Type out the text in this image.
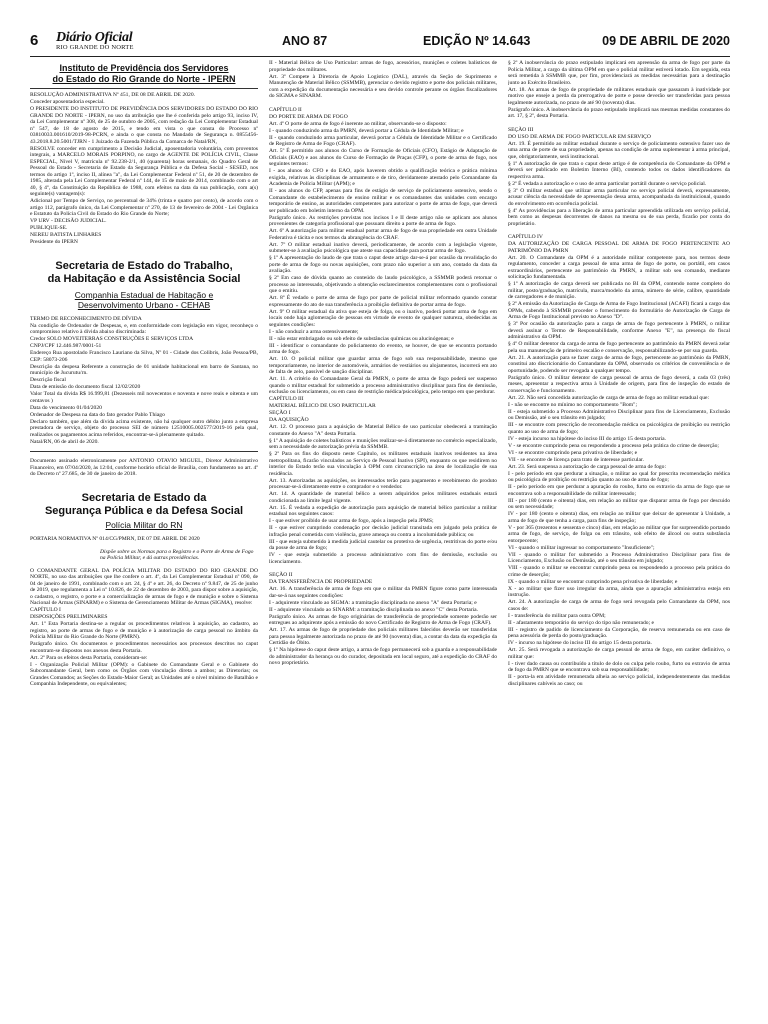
6 Diário Oficial
RIO GRANDE DO NORTE	ANO 87	EDIÇÃO Nº 14.643	09 DE ABRIL DE 2020
Instituto de Previdência dos Servidores
do Estado do Rio Grande do Norte - IPERN

RESOLUÇÃO ADMINISTRATIVA Nº 451, DE 08 DE ABRIL DE 2020.

Conceder aposentadoria especial.

O PRESIDENTE DO INSTITUTO DE PREVIDÊNCIA DOS SERVIDORES DO ESTADO DO RIO GRANDE DO NORTE - IPERN, no uso da atribuição que lhe é conferida pelo artigo 93, inciso IV, da Lei Complementar nº 308, de 25 de outubro de 2005, com redação da Lei Complementar Estadual nº 547, de 18 de agosto de 2015, e tendo em vista o que consta do Processo nº 03810033.001610/2019-98-PCRN, e ainda o que consta no Mandado de Segurança n. 0855456-43.2018.8.20.5001/TJRN - 1 Juizado da Fazenda Pública da Comarca de Natal/RN,

RESOLVE conceder em cumprimento a Decisão Judicial, aposentadoria voluntária, com proventos integrais, a MARCELO MORAIS PORPINO, no cargo de AGENTE DE POLÍCIA CIVIL, Classe ESPECIAL, Nível V, matrícula nº 92.238-2/1, 40 (quarenta) horas semanais, do Quadro Geral de Pessoal do Estado - Secretaria de Estado da Segurança Pública e da Defesa Social - SESED, nos termos do artigo 1º, inciso II, alínea "a", da Lei Complementar Federal nº 51, de 20 de dezembro de 1985, alterada pela Lei Complementar Federal nº 144, de 15 de maio de 2014, combinado com o art 40, § 4º, da Constituição da República de 1988, com efeitos na data da sua publicação, com a(s) seguinte(s) vantagem(s):

Adicional por Tempo de Serviço, no percentual de 34% (trinta e quatro por cento), de acordo com o artigo 112, parágrafo único, da Lei Complementar nº 270, de 13 de fevereiro de 2004 - Lei Orgânica e Estatuto da Polícia Civil do Estado do Rio Grande do Norte;

VP URV - DECISÃO JUDICIAL.

PUBLIQUE-SE.

NEREU BATISTA LINHARES

Presidente do IPERN

Secretaria de Estado do Trabalho,
da Habitação e da Assistência Social
Companhia Estadual de Habitação e
Desenvolvimento Urbano - CEHAB

TERMO DE RECONHECIMENTO DE DÍVIDA

Na condição de Ordenador de Despesas, e, em conformidade com legislação em vigor, reconheço o compromisso relativo à dívida abaixo discriminada:

Credor SOLO MOVEITERRAS CONSTRUÇÕES E SERVIÇOS LTDA

CNPJ/CPF 12.446.987/0001-51

Endereço Rua apostolado Francisco Lauriano da Silva, Nº 01 - Cidade dos Colibris, João Pessoa/PB, CEP: 58073-206

Descrição da despesa Referente a construção de 01 unidade habitacional em barro de Santana, no município de Jucurutu/rn.

Descrição fiscal

Data de emissão do documento fiscal 12/02/2020

Valor Total da dívida R$ 16.999,81 (Dezesseis mil novecentos e noventa e nove reais e oitenta e um centavos )

Data do vencimento 01/04/2020

Ordenador de Despesa na data do fato gerador Pablo Thiago

Declaro também, que além da dívida acima existente, não há qualquer outro débito junto a empresa prestadora de serviço, objeto do processo SEI de número 12510005.002577/2019-16 pela qual, realizados os pagamentos acima referidos, encontrar-se-á plenamente quitado.

Natal/RN, 06 de abril de 2020.

Documento assinado eletronicamente por ANTONIO OTAVIO MIGUEL, Diretor Administrativo Financeiro, em 07/04/2020, às 12:04, conforme horário oficial de Brasília, com fundamento no art. 4º do Decreto nº 27.685, de 30 de janeiro de 2018.

Secretaria de Estado da
Segurança Pública e da Defesa Social
Polícia Militar do RN

PORTARIA NORMATIVA Nº 014/CG/PMRN, DE 07 DE ABRIL DE 2020

Dispõe sobre as Normas para o Registro e o Porte de Arma de Fogo na Polícia Militar, e dá outras providências.

O COMANDANTE GERAL DA POLÍCIA MILITAR DO ESTADO DO RIO GRANDE DO NORTE, no uso das atribuições que lhe confere o art. 4º, da Lei Complementar Estadual nº 090, de 04 de janeiro de 1991, combinado com o art. 24, § 4º e art. 26, do Decreto nº 9.847, de 25 de junho de 2019, que regulamenta a Lei nº 10.826, de 22 de dezembro de 2003, para dispor sobre a aquisição, o cadastro, o registro, o porte e a comercialização de armas de fogo e de munição e sobre o Sistema Nacional de Armas (SINARM) e o Sistema de Gerenciamento Militar de Armas (SIGMA), resolve:

CAPÍTULO I

DISPOSIÇÕES PRELIMINARES

Art. 1º Esta Portaria destina-se a regular os procedimentos relativos à aquisição, ao cadastro, ao registro, ao porte de armas de fogo e de munição e à autorização de carga pessoal no âmbito da Polícia Militar do Rio Grande do Norte (PMRN).

Parágrafo único. Os documentos e procedimentos necessários aos processos descritos no caput encontram-se dispostos nos anexos desta Portaria.

Art. 2º Para os efeitos desta Portaria, consideram-se:

I - Organização Policial Militar (OPM): o Gabinete do Comandante Geral e o Gabinete do Subcomandante Geral, bem como os Órgãos com vinculação direta a ambos; as Diretorias; os Grandes Comandos; as Seções do Estado-Maior Geral; as Unidades até o nível mínimo de Batalhão e Companhia Independente, ou equivalentes;

II - Material Bélico de Uso Particular: armas de fogo, acessórios, munições e coletes balísticos de propriedade dos militares.

Art. 3º Compete à Diretoria de Apoio Logístico (DAL), através da Seção de Suprimento e Manutenção de Material Bélico (SSMMB), gerenciar o devido registro e porte dos policiais militares, com a expedição da documentação necessária e seu devido controle perante os órgãos fiscalizadores do SIGMA e SINARM.

CAPÍTULO II

DO PORTE DE ARMA DE FOGO

Art. 4º O porte de arma de fogo é inerente ao militar, observando-se o disposto:

I - quando conduzindo arma da PMRN, deverá portar a Cédula de Identidade Militar; e

II - quando conduzindo arma particular, deverá portar a Cédula de Identidade Militar e o Certificado de Registro de Arma de Fogo (CRAF).

Art. 5º É permitido aos alunos do Curso de Formação de Oficiais (CFO), Estágio de Adaptação de Oficiais (EAO) e aos alunos do Curso de Formação de Praças (CFP), o porte de arma de fogo, nos seguintes termos:

I - aos alunos do CFO e do EAO, após haverem obtido a qualificação teórica e prática mínima exigida, relativas às disciplinas de armamento e de tiro, devidamente atestado pelo Comandante da Academia de Polícia Militar (APM); e

II - aos alunos do CFP, apenas para fins de estágio de serviço de policiamento ostensivo, sendo o Comandante do estabelecimento de ensino militar e os comandantes das unidades com encargo temporário de ensino, as autoridades competentes para autorizar o porte de arma de fogo, que deverá ser publicado em boletim interno da OPM.

Parágrafo único. As restrições previstas nos incisos I e II deste artigo não se aplicam aos alunos provenientes de categoria profissional que possuam direito a porte de arma de fogo.

Art. 6º A autorização para militar estadual portar arma de fogo de sua propriedade em outra Unidade Federativa é tácita e nos termos da abrangência do CRAF.

Art. 7º O militar estadual inativo deverá, periodicamente, de acordo com a legislação vigente, submeter-se à avaliação psicológica que ateste sua capacidade para portar arma de fogo.

§ 1º A apresentação do laudo de que trata o caput deste artigo dar-se-á por ocasião da revalidação do porte de arma de fogo ou novas aquisições, com prazo não superior a um ano, contado da data da avaliação.

§ 2º Em caso de dúvida quanto ao conteúdo do laudo psicológico, a SSMMB poderá retornar o processo ao interessado, objetivando a obtenção esclarecimentos complementares com o profissional que o emitiu.

Art. 8º É vedado o porte de arma de fogo por parte de policial militar reformado quando constar expressamente do ato de sua transferência a proibição definitiva de portar arma de fogo.

Art. 9º O militar estadual da ativa que esteja de folga, ou o inativo, poderá portar arma de fogo em locais onde haja aglomeração de pessoas em virtude de evento de qualquer natureza, obedecidas as seguintes condições:

I - não conduzir a arma ostensivamente;

II - não estar embriagado ou sob efeito de substâncias químicas ou alucinógenas; e

III - identificar o comandante do policiamento do evento, se houver, de que se encontra portando arma de fogo.

Art. 10. O policial militar que guardar arma de fogo sob sua responsabilidade, mesmo que temporariamente, no interior de automóveis, armários de vestiários ou alojamentos, incorrerá em ato de falta de zelo, passível de sanção disciplinar.

Art. 11. A critério do Comandante Geral da PMRN, o porte de arma de fogo poderá ser suspenso quando o militar estadual for submetido a processo administrativo disciplinar para fins de demissão, exclusão ou licenciamento, ou em caso de restrição médica/psicológica, pelo tempo em que perdurar.

CAPÍTULO III

MATERIAL BÉLICO DE USO PARTICULAR

SEÇÃO I

DA AQUISIÇÃO

Art. 12. O processo para a aquisição de Material Bélico de uso particular obedecerá a tramitação constante do Anexo "A" desta Portaria.

§ 1º A aquisição de coletes balísticos e munições realizar-se-á diretamente no comércio especializado, sem a necessidade de autorização prévia da SSMMB.

§ 2º Para os fins do disposto neste Capítulo, os militares estaduais inativos residentes na área metropolitana, ficarão vinculados ao Serviço de Pessoal Inativo (SPI), enquanto os que residirem no interior do Estado terão sua vinculação à OPM com circunscrição na área de localização de sua residência.

Art. 13. Autorizadas as aquisições, os interessados terão para pagamento e recebimento do produto processar-se-á diretamente entre o comprador e o vendedor.

Art. 14. A quantidade de material bélico a serem adquiridos pelos militares estaduais estará condicionada ao limite legal vigente.

Art. 15. É vedada a expedição de autorização para aquisição de material bélico particular a militar estadual nos seguintes casos:

I - que estiver proibido de usar arma de fogo, após a inspeção pela JPMS;

II - que estiver cumprindo condenação por decisão judicial transitada em julgado pela prática de infração penal cometida com violência, grave ameaça ou contra a incolumidade pública; ou

III - que esteja submetido à medida judicial cautelar ou protetiva de urgência, restritivas do porte e/ou da posse de arma de fogo;

IV - que esteja submetido a processo administrativo com fins de demissão, exclusão ou licenciamento.

SEÇÃO II

DA TRANSFERÊNCIA DE PROPRIEDADE

Art. 16. A transferência de arma de fogo em que o militar da PMRN figure como parte interessada dar-se-á nas seguintes condições:

I - adquirente vinculado ao SIGMA: a tramitação disciplinada no anexo "A" desta Portaria; e

II - adquirente vinculado ao SINARM: a tramitação disciplinada no anexo "C" desta Portaria.

Parágrafo único. As armas de fogo originárias de transferência de propriedade somente poderão ser entregues ao adquirente após a emissão do novo Certificado de Registro de Arma de Fogo (CRAF).

Art. 17. As armas de fogo de propriedade dos policiais militares falecidos deverão ser transferidas para pessoa legalmente autorizada no prazo de até 90 (noventa) dias, a contar da data da expedição da Certidão de Óbito.

§ 1º Na hipótese do caput deste artigo, a arma de fogo permanecerá sob a guarda e a responsabilidade do administrador da herança ou do curador, depositada em local seguro, até a expedição do CRAF do novo proprietário.

§ 2º A inobservância do prazo estipulado implicará em apreensão da arma de fogo por parte da Polícia Militar, a cargo da última OPM em que o policial militar estiverá lotado. Em seguida, esta será remetida à SSMMB que, por fim, providenciará as medidas necessárias para a destinação junto ao Exército Brasileiro.

Art. 18. As armas de fogo de propriedade de militares estaduais que passaram à inatividade por motivo que enseje a perda da prerrogativa de porte e posse deverão ser transferidas para pessoa legalmente autorizada, no prazo de até 90 (noventa) dias.

Parágrafo único. A inobservância do prazo estipulado implicará nas mesmas medidas constantes do art. 17, § 2º, desta Portaria.

SEÇÃO III

DO USO DE ARMA DE FOGO PARTICULAR EM SERVIÇO

Art. 19. É permitido ao militar estadual durante o serviço de policiamento ostensivo fazer uso de uma arma de porte de sua propriedade, apenas na condição de arma suplementar à arma principal, que, obrigatoriamente, será institucional.

§ 1º A autorização de que trata o caput deste artigo é de competência do Comandante da OPM e deverá ser publicado em Boletim Interno (BI), contendo todos os dados identificadores da respectiva arma.

§ 2º É vedada a autorização e o uso de arma particular portátil durante o serviço policial.

§ 3º O militar estadual que utilizar arma particular no serviço policial deverá, expressamente, acusar ciência da necessidade de apresentação dessa arma, acompanhada da instituicional, quando do envolvimento em ocorrência policial.

§ 4º As providências para a liberação de arma particular apreendida utilizada em serviço policial, bem como as despesas decorrentes de danos na mesma ou de sua perda, ficarão por conta do proprietário.

CAPÍTULO IV

DA AUTORIZAÇÃO DE CARGA PESSOAL DE ARMA DE FOGO PERTENCENTE AO PATRIMÔNIO DA PMRN

Art. 20. O Comandante da OPM é a autoridade militar competente para, nos termos deste regulamento, conceder a carga pessoal de uma arma de fogo de porte, ou portátil, em casos extraordinários, pertencente ao patrimônio da PMRN, a militar sob seu comando, mediante solicitação fundamentada.

§ 1º A autorização de carga deverá ser publicada no BI da OPM, contendo nome completo do militar, posto/graduação, matrícula, marca/modelo da arma, número de série, calibre, quantidade de carregadores e de munição.

§ 2º A emissão da Autorização de Carga de Arma de Fogo Institucional (ACAFI) ficará a cargo das OPMs, cabendo à SSMMB proceder o fornecimento do formulário de Autorização de Carga de Arma de Fogo Institucional previsto no Anexo "D".

§ 3º Por ocasião da autorização para a carga de arma de fogo pertencente à PMRN, o militar deverá assinar o Termo de Responsabilidade, conforme Anexo "E", na presença do fiscal administrativo da OPM.

§ 4º O militar detentor da carga de arma de fogo pertencente ao patrimônio da PMRN deverá zelar pela sua manutenção de primeiro escalão e conservação, responsabilizando-se por sua guarda.

Art. 21. A autorização para se fazer carga de arma de fogo, pertencente ao patrimônio da PMRN, constitui ato discricionário do Comandante da OPM, observado os critérios de conveniência e de oportunidade, podendo ser revogada a qualquer tempo.

Parágrafo único. O militar detentor de carga pessoal de arma de fogo deverá, a cada 03 (três) meses, apresentar a respectiva arma à Unidade de origem, para fins de inspeção do estado de conservação e funcionamento.

Art. 22. Não será concedida autorização de carga de arma de fogo ao militar estadual que:

I - não se encontre no mínimo no comportamento "Bom";

II - esteja submetido a Processo Administrativo Disciplinar para fins de Licenciamento, Exclusão ou Demissão, até o seu trânsito em julgado;

III - se encontre com prescrição de recomendação médica ou psicológica de proibição ou restrição quanto ao uso de arma de fogo;

IV - esteja incurso na hipótese do inciso III do artigo 15 desta portaria.

V - se encontre cumprindo pena ou respondendo a processo pela prática do crime de deserção;

VI - se encontre cumprindo pena privativa de liberdade; e

VII - se encontre de licença para trato de interesse particular.

Art. 23. Será suspensa a autorização de carga pessoal de arma de fogo:

I - pelo período em que perdurar a situação, o militar ao qual for prescrita recomendação médica ou psicológica de proibição ou restrição quanto ao uso de arma de fogo;

II - pelo período em que perdurar a apuração do roubo, furto ou extravio da arma de fogo que se encontrava sob a responsabilidade do militar interessado;

III - por 180 (cento e oitenta) dias, em relação ao militar que disparar arma de fogo por descuido ou sem necessidade;

IV - por 180 (cento e oitenta) dias, em relação ao militar que deixar de apresentar à Unidade, a arma de fogo de que tenha a carga, para fins de inspeção;

V - por 365 (trezentos e sessenta e cinco) dias, em relação ao militar que for surpreendido portando arma de fogo, de serviço, de folga ou em trânsito, sob efeito de álcool ou outra substância entorpecente;

VI - quando o militar ingressar no comportamento "Insuficiente";

VII - quando o militar for submetido a Processo Administrativo Disciplinar para fins de Licenciamento, Exclusão ou Demissão, até o seu trânsito em julgado;

VIII - quando o militar se encontrar cumprindo pena ou respondendo a processo pela prática do crime de deserção;

IX - quando o militar se encontrar cumprindo pena privativa de liberdade; e

X - ao militar que fizer uso irregular da arma, ainda que a apuração administrativa esteja em instrução.

Art. 24. A autorização de carga de arma de fogo será revogada pelo Comandante da OPM, nos casos de:

I - transferência do militar para outra OPM;

II - afastamento temporário do serviço do tipo não remunerado; e

III - registro de padido de licenciamento da Corporação, de reserva remunerada ou em caso de pena acessória de perda do posto/graduação.

IV - incurso na hipótese do inciso III do artigo 15 desta portaria.

Art. 25. Será revogada a autorização de carga pessoal de arma de fogo, em caráter definitivo, o militar que:

I - tiver dado causa ou contribuído a título de dolo ou culpa pelo roubo, furto ou extravio de arma de fogo da PMRN que se encontrava sob sua responsabilidade;

II - porta-la em atividade remunerada alheia ao serviço policial, independentemente das medidas disciplinares cabíveis ao caso; ou
